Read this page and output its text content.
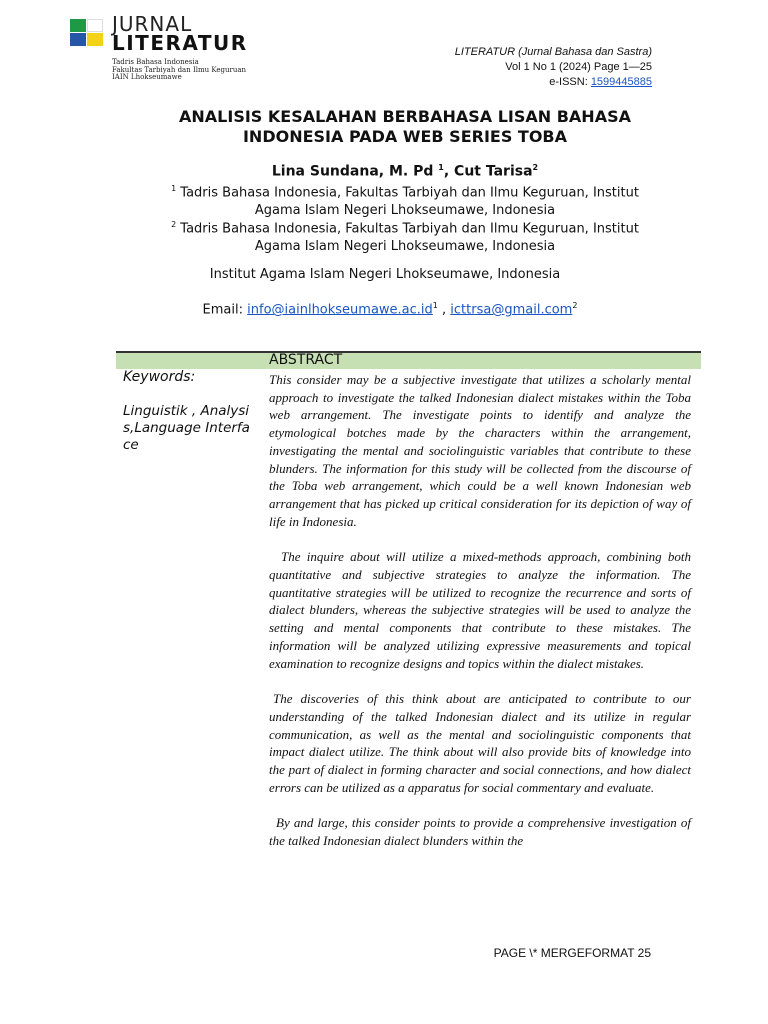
JURNAL
LITERATUR
Tadris Bahasa Indonesia
Fakultas Tarbiyah dan Ilmu Keguruan
IAIN Lhokseumawe
LITERATUR (Jurnal Bahasa dan Sastra)
Vol 1 No 1 (2024) Page 1—25
e-ISSN: 1599445885
ANALISIS KESALAHAN BERBAHASA LISAN BAHASA
INDONESIA PADA WEB SERIES TOBA
Lina Sundana, M. Pd $^1$, Cut Tarisa$^2$
$^1$ Tadris Bahasa Indonesia, Fakultas Tarbiyah dan Ilmu Keguruan, Institut
Agama Islam Negeri Lhokseumawe, Indonesia
$^2$ Tadris Bahasa Indonesia, Fakultas Tarbiyah dan Ilmu Keguruan, Institut
Agama Islam Negeri Lhokseumawe, Indonesia
Institut Agama Islam Negeri Lhokseumawe, Indonesia
Email: $info@iainlhokseumawe.ac.id^1$ , icttrsa@gmail.com$^2$
ABSTRACT
Keywords:
Linguistik , Analysis,Language Interface

This consider may be a subjective investigate that utilizes a scholarly mental approach to investigate the talked Indonesian dialect mistakes within the Toba web arrangement. The investigate points to identify and analyze the etymological botches made by the characters within the arrangement, investigating the mental and sociolinguistic variables that contribute to these blunders. The information for this study will be collected from the discourse of the Toba web arrangement, which could be a well known Indonesian web arrangement that has picked up critical consideration for its depiction of way of life in Indonesia.

The inquire about will utilize a mixed-methods approach, combining both quantitative and subjective strategies to analyze the information. The quantitative strategies will be utilized to recognize the recurrence and sorts of dialect blunders, whereas the subjective strategies will be used to analyze the setting and mental components that contribute to these mistakes. The information will be analyzed utilizing expressive measurements and topical examination to recognize designs and topics within the dialect mistakes.

The discoveries of this think about are anticipated to contribute to our understanding of the talked Indonesian dialect and its utilize in regular communication, as well as the mental and sociolinguistic components that impact dialect utilize. The think about will also provide bits of knowledge into the part of dialect in forming character and social connections, and how dialect errors can be utilized as a apparatus for social commentary and evaluate.

By and large, this consider points to provide a comprehensive investigation of the talked Indonesian dialect blunders within the

PAGE \* MERGEFORMAT 25
